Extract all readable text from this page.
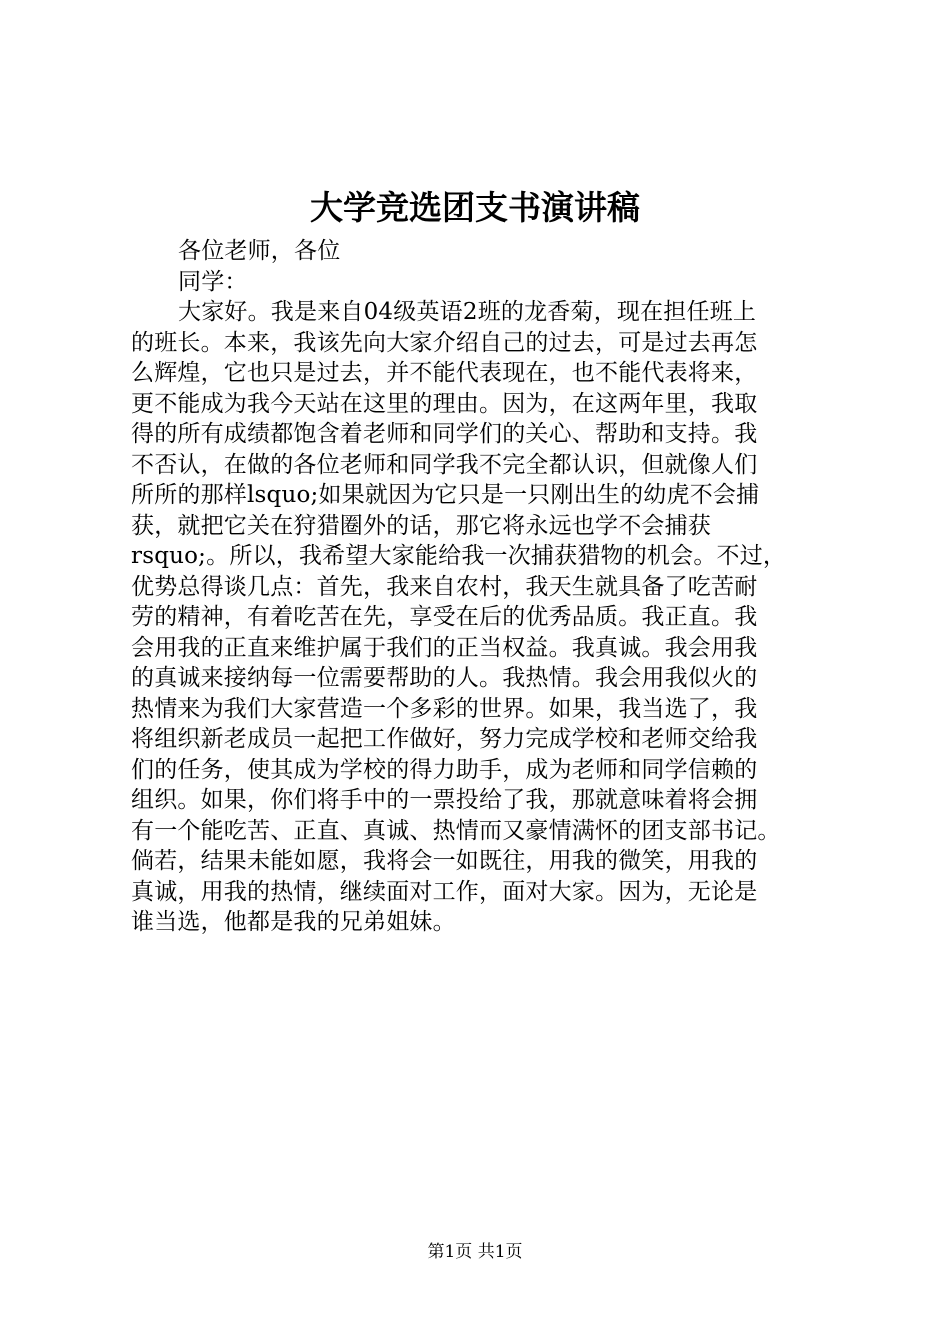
大学竞选团支书演讲稿
各位老师，各位
同学：
大家好。我是来自04级英语2班的龙香菊，现在担任班上
的班长。本来，我该先向大家介绍自己的过去，可是过去再怎
么辉煌，它也只是过去，并不能代表现在，也不能代表将来，
更不能成为我今天站在这里的理由。因为，在这两年里，我取
得的所有成绩都饱含着老师和同学们的关心、帮助和支持。我
不否认，在做的各位老师和同学我不完全都认识，但就像人们
所所的那样lsquo;如果就因为它只是一只刚出生的幼虎不会捕
获，就把它关在狩猎圈外的话，那它将永远也学不会捕获
rsquo;。所以，我希望大家能给我一次捕获猎物的机会。不过，
优势总得谈几点：首先，我来自农村，我天生就具备了吃苦耐
劳的精神，有着吃苦在先，享受在后的优秀品质。我正直。我
会用我的正直来维护属于我们的正当权益。我真诚。我会用我
的真诚来接纳每一位需要帮助的人。我热情。我会用我似火的
热情来为我们大家营造一个多彩的世界。如果，我当选了，我
将组织新老成员一起把工作做好，努力完成学校和老师交给我
们的任务，使其成为学校的得力助手，成为老师和同学信赖的
组织。如果，你们将手中的一票投给了我，那就意味着将会拥
有一个能吃苦、正直、真诚、热情而又豪情满怀的团支部书记。
倘若，结果未能如愿，我将会一如既往，用我的微笑，用我的
真诚，用我的热情，继续面对工作，面对大家。因为，无论是
谁当选，他都是我的兄弟姐妹。
第1页 共1页
